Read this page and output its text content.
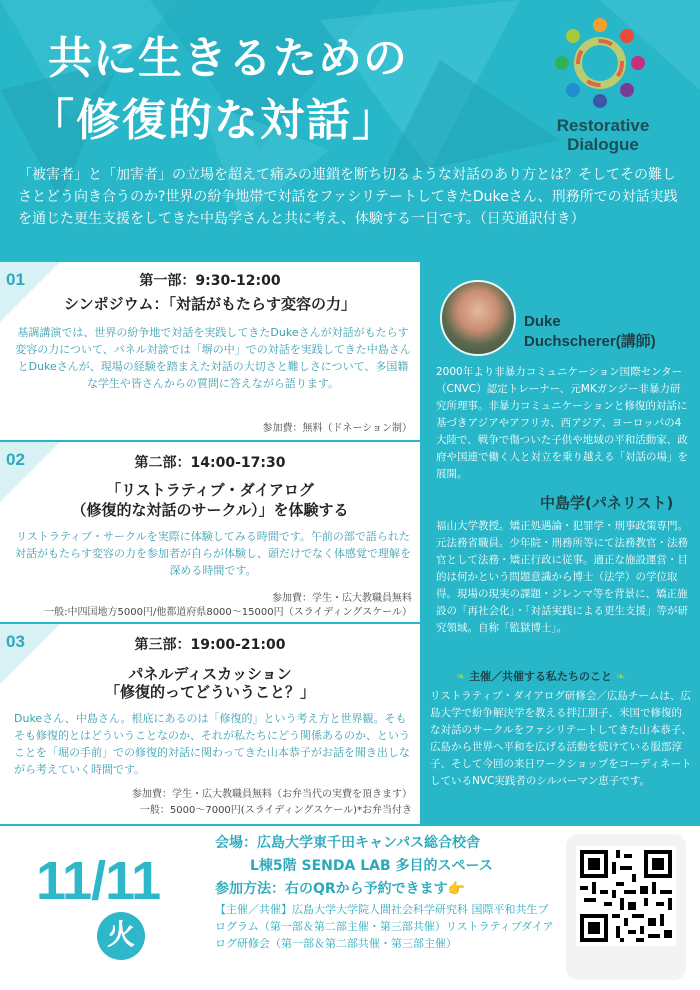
共に生きるための
「修復的な対話」	Restorative
Dialogue
「被害者」と「加害者」の立場を超えて痛みの連鎖を断ち切るような対話のあり方とは？そしてその難しさとどう向き合うのか?世界の紛争地帯で対話をファシリテートしてきたDukeさん、刑務所での対話実践を通じた更生支援をしてきた中島学さんと共に考え、体験する一日です。（日英通訳付き）
01	第一部：9:30-12:00
シンポジウム：「対話がもたらす変容の力」
基調講演では、世界の紛争地で対話を実践してきたDukeさんが対話がもたらす変容の力について、パネル対談では「塀の中」での対話を実践してきた中島さんとDukeさんが、現場の経験を踏まえた対話の大切さと難しさについて、多国籍な学生や皆さんからの質問に答えながら語ります。
参加費：無料（ドネーション制）
02	第二部：14:00-17:30
「リストラティブ・ダイアログ
（修復的な対話のサークル）」を体験する
リストラティブ・サークルを実際に体験してみる時間です。午前の部で語られた対話がもたらす変容の力を参加者が自らが体験し、頭だけでなく体感覚で理解を深める時間です。
参加費：学生・広大教職員無料
一般:中四国地方5000円/他都道府県8000～15000円（スライディングスケール）
03	第三部：19:00-21:00
パネルディスカッション
「修復的ってどういうこと？」
Dukeさん、中島さん。根底にあるのは「修復的」という考え方と世界観。そもそも修復的とはどういうことなのか、それが私たちにどう関係あるのか、ということを「堀の手前」での修復的対話に関わってきた山本恭子がお話を聞き出しながら考えていく時間です。
参加費：学生・広大教職員無料（お弁当代の実費を頂きます）
一般：5000～7000円(スライディングスケール)*お弁当付き
Duke
Duchscherer(講師)
2000年より非暴力コミュニケーション国際センター（CNVC）認定トレーナー、元MKガンジー非暴力研究所理事。非暴力コミュニケーションと修復的対話に基づきアジアやアフリカ、西アジア、ヨーロッパの4大陸で、戦争で傷ついた子供や地域の平和活動家、政府や国連で働く人と対立を乗り越える「対話の場」を展開。
中島学(パネリスト)
福山大学教授。矯正処遇論・犯罪学・刑事政策専門。元法務省職員。少年院・刑務所等にて法務教官・法務官として法務・矯正行政に従事。適正な施設運営・目的は何かという問題意識から博士（法学）の学位取得。現場の現実の課題・ジレンマ等を背景に、矯正施設の「再社会化」・「対話実践による更生支援」等が研究領域。自称「監獄博士」。
❧ 主催／共催する私たちのこと ❧
リストラティブ・ダイアログ研修会／広島チームは、広島大学で紛争解決学を教える拌江朋子、米国で修復的な対話のサークルをファシリテートしてきた山本恭子、広島から世界へ平和を広げる活動を続けている服部淳子、そして今回の来日ワークショップをコーディネートしているNVC実践者のシルバーマン恵子です。
11/11
火
会場：広島大学東千田キャンパス総合校舎
L棟5階 SENDA LAB 多目的スペース
参加方法：右のQRから予約できます👉
【主催／共催】広島大学大学院人間社会科学研究科 国際平和共生プログラム（第一部＆第二部主催・第三部共催）リストラティブダイアログ研修会（第一部＆第二部共催・第三部主催）
